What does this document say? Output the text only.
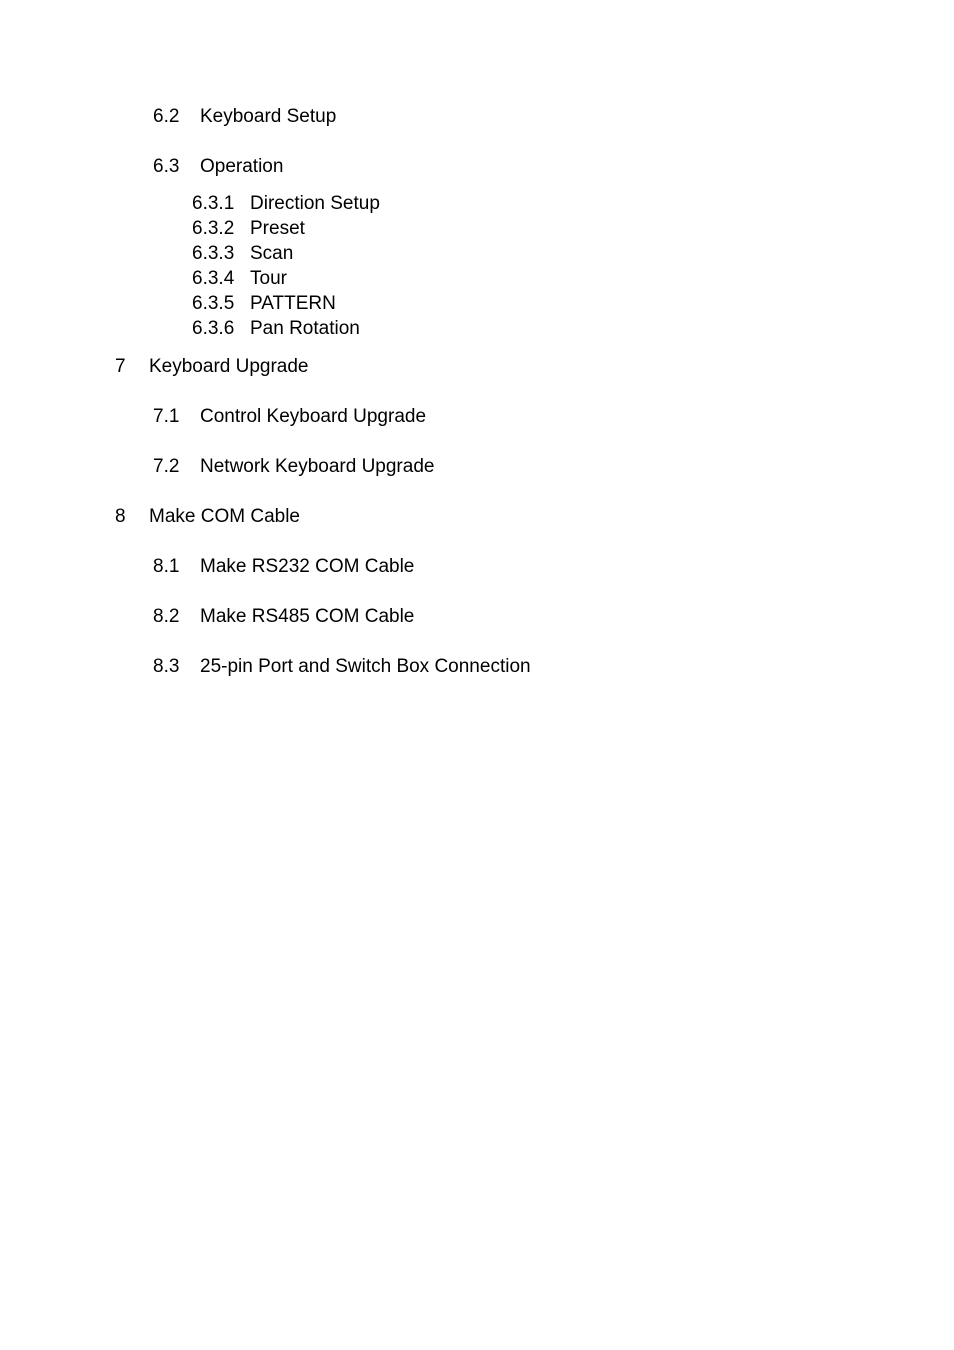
6.2 Keyboard Setup
6.3 Operation
6.3.1 Direction Setup
6.3.2 Preset
6.3.3 Scan
6.3.4 Tour
6.3.5 PATTERN
6.3.6 Pan Rotation
7 Keyboard Upgrade
7.1 Control Keyboard Upgrade
7.2 Network Keyboard Upgrade
8 Make COM Cable
8.1 Make RS232 COM Cable
8.2 Make RS485 COM Cable
8.3 25-pin Port and Switch Box Connection
